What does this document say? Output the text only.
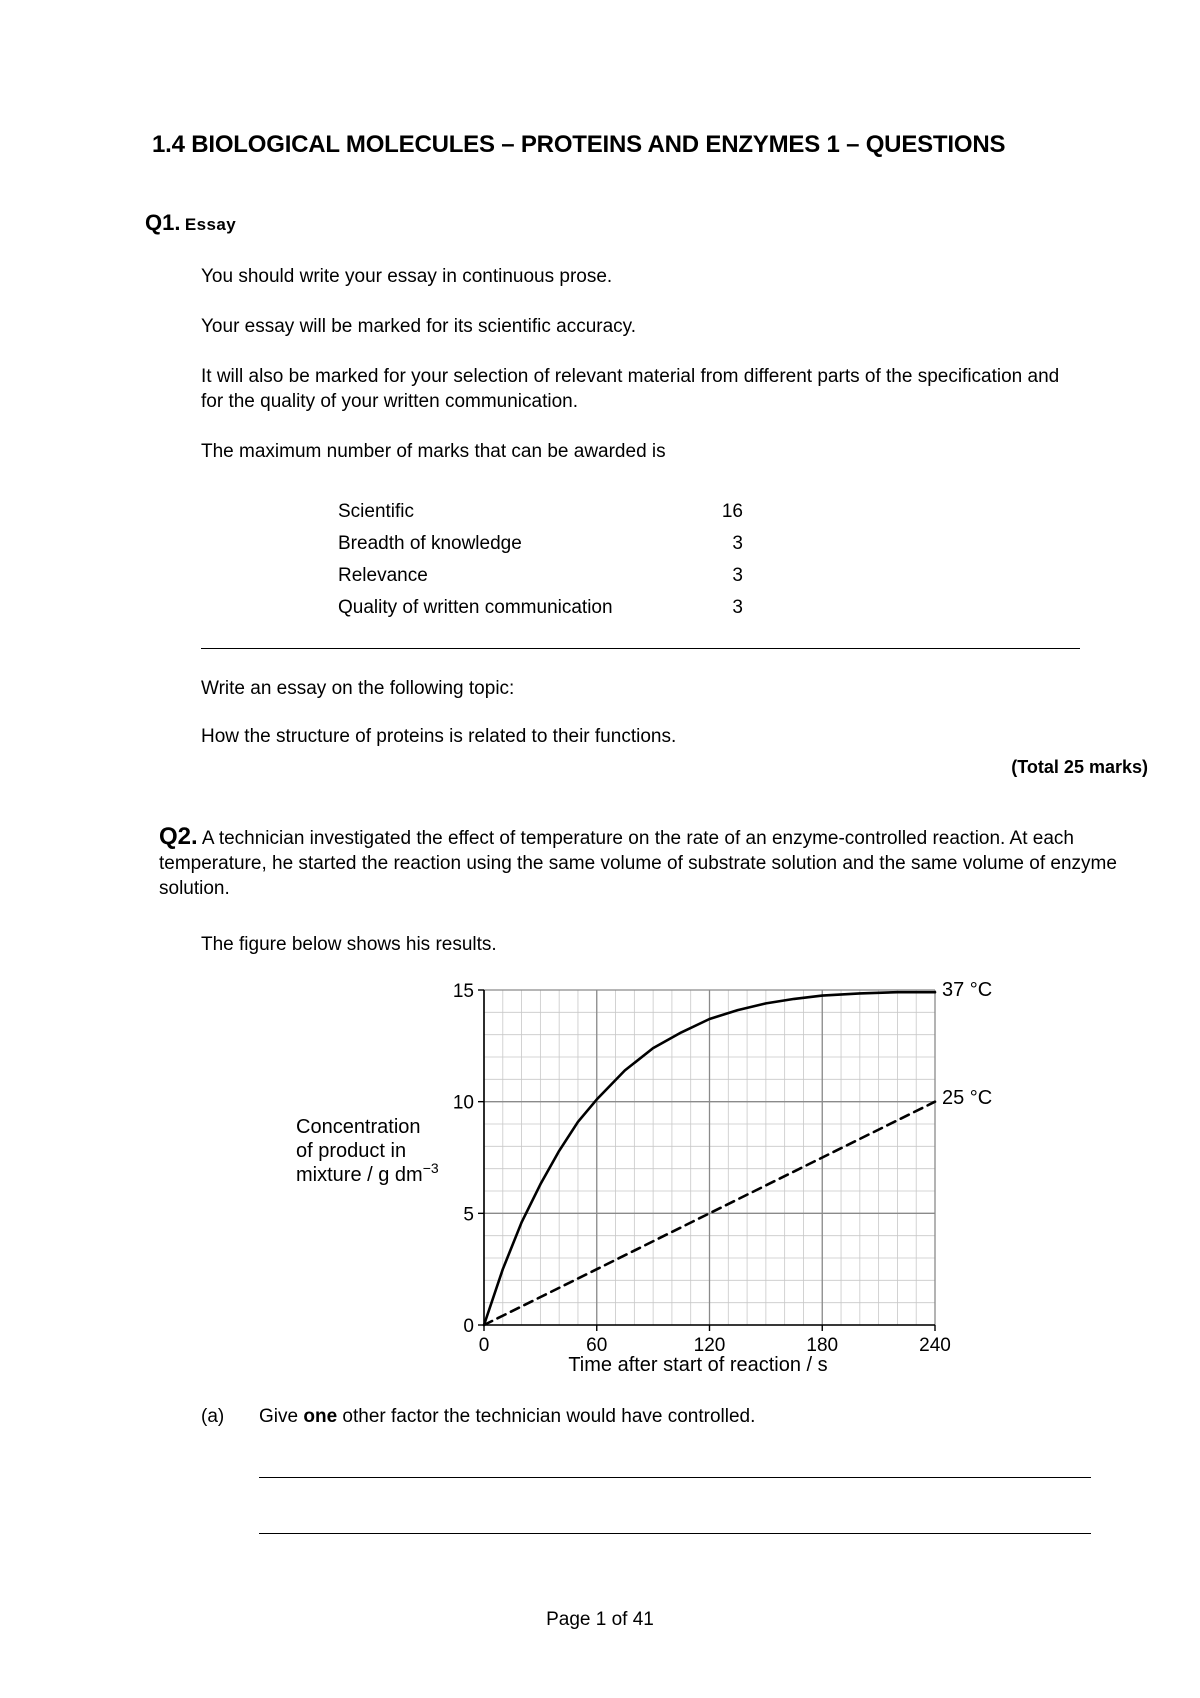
1.4 BIOLOGICAL MOLECULES – PROTEINS AND ENZYMES 1 – QUESTIONS
Q1. Essay
You should write your essay in continuous prose.
Your essay will be marked for its scientific accuracy.
It will also be marked for your selection of relevant material from different parts of the specification and for the quality of your written communication.
The maximum number of marks that can be awarded is
Scientific	16
Breadth of knowledge	3
Relevance	3
Quality of written communication	3
Write an essay on the following topic:
How the structure of proteins is related to their functions.
(Total 25 marks)
Q2. A technician investigated the effect of temperature on the rate of an enzyme-controlled reaction. At each temperature, he started the reaction using the same volume of substrate solution and the same volume of enzyme solution.
The figure below shows his results.
0
5
10
15
0	60	120	180	240
Concentration
of product in
mixture / g $dm^{-3}$
Time after start of reaction / s
37 °C
25 °C
(a) Give one other factor the technician would have controlled.
Page 1 of 41
